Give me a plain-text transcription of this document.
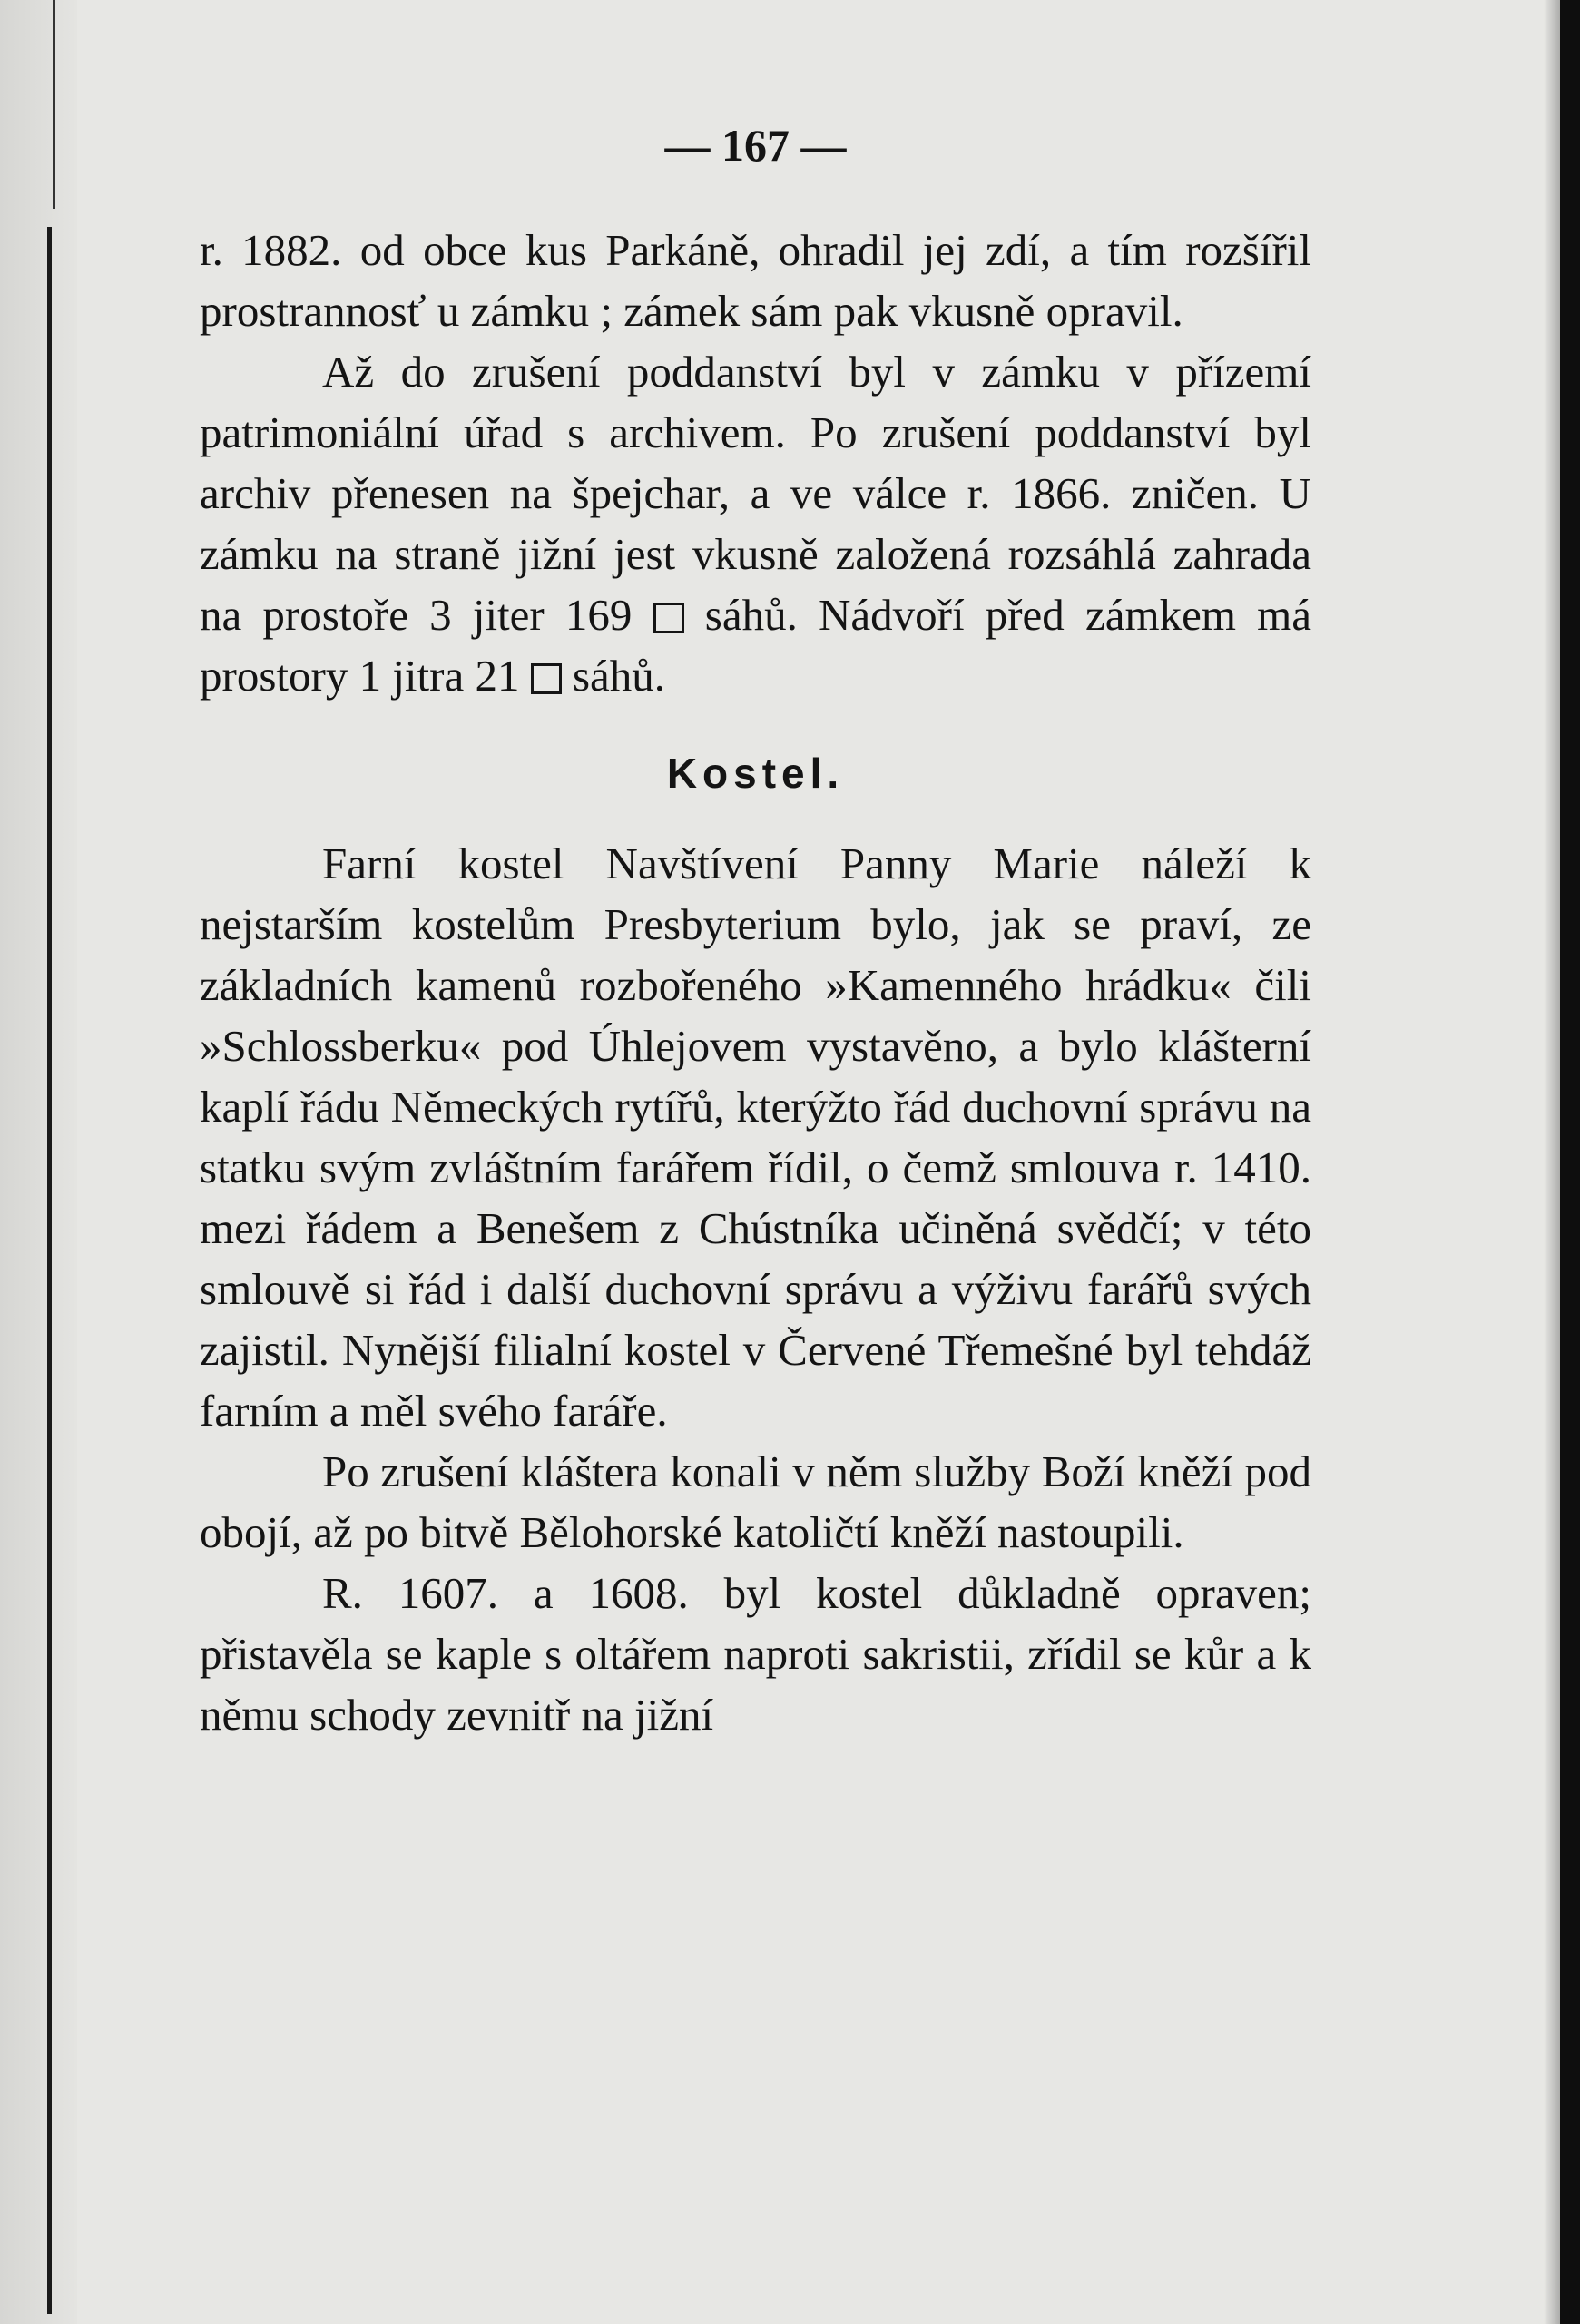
— 167 —

r. 1882. od obce kus Parkáně, ohradil jej zdí, a tím rozšířil prostrannosť u zámku ; zámek sám pak vkusně opravil.

Až do zrušení poddanství byl v zámku v přízemí patrimoniální úřad s archivem. Po zrušení poddanství byl archiv přenesen na špejchar, a ve válce r. 1866. zničen. U zámku na straně jižní jest vkusně založená rozsáhlá zahrada na prostoře 3 jiter 169 sáhů. Nádvoří před zámkem má prostory 1 jitra 21 sáhů.

Kostel.

Farní kostel Navštívení Panny Marie náleží k nejstarším kostelům Presbyterium bylo, jak se praví, ze základních kamenů rozbořeného »Kamenného hrádku« čili »Schlossberku« pod Úhlejovem vystavěno, a bylo klášterní kaplí řádu Německých rytířů, kterýžto řád duchovní správu na statku svým zvláštním farářem řídil, o čemž smlouva r. 1410. mezi řádem a Benešem z Chústníka učiněná svědčí; v této smlouvě si řád i další duchovní správu a výživu farářů svých zajistil. Nynější filialní kostel v Červené Třemešné byl tehdáž farním a měl svého faráře.

Po zrušení kláštera konali v něm služby Boží kněží pod obojí, až po bitvě Bělohorské katoličtí kněží nastoupili.

R. 1607. a 1608. byl kostel důkladně opraven; přistavěla se kaple s oltářem naproti sakristii, zřídil se kůr a k němu schody zevnitř na jižní
